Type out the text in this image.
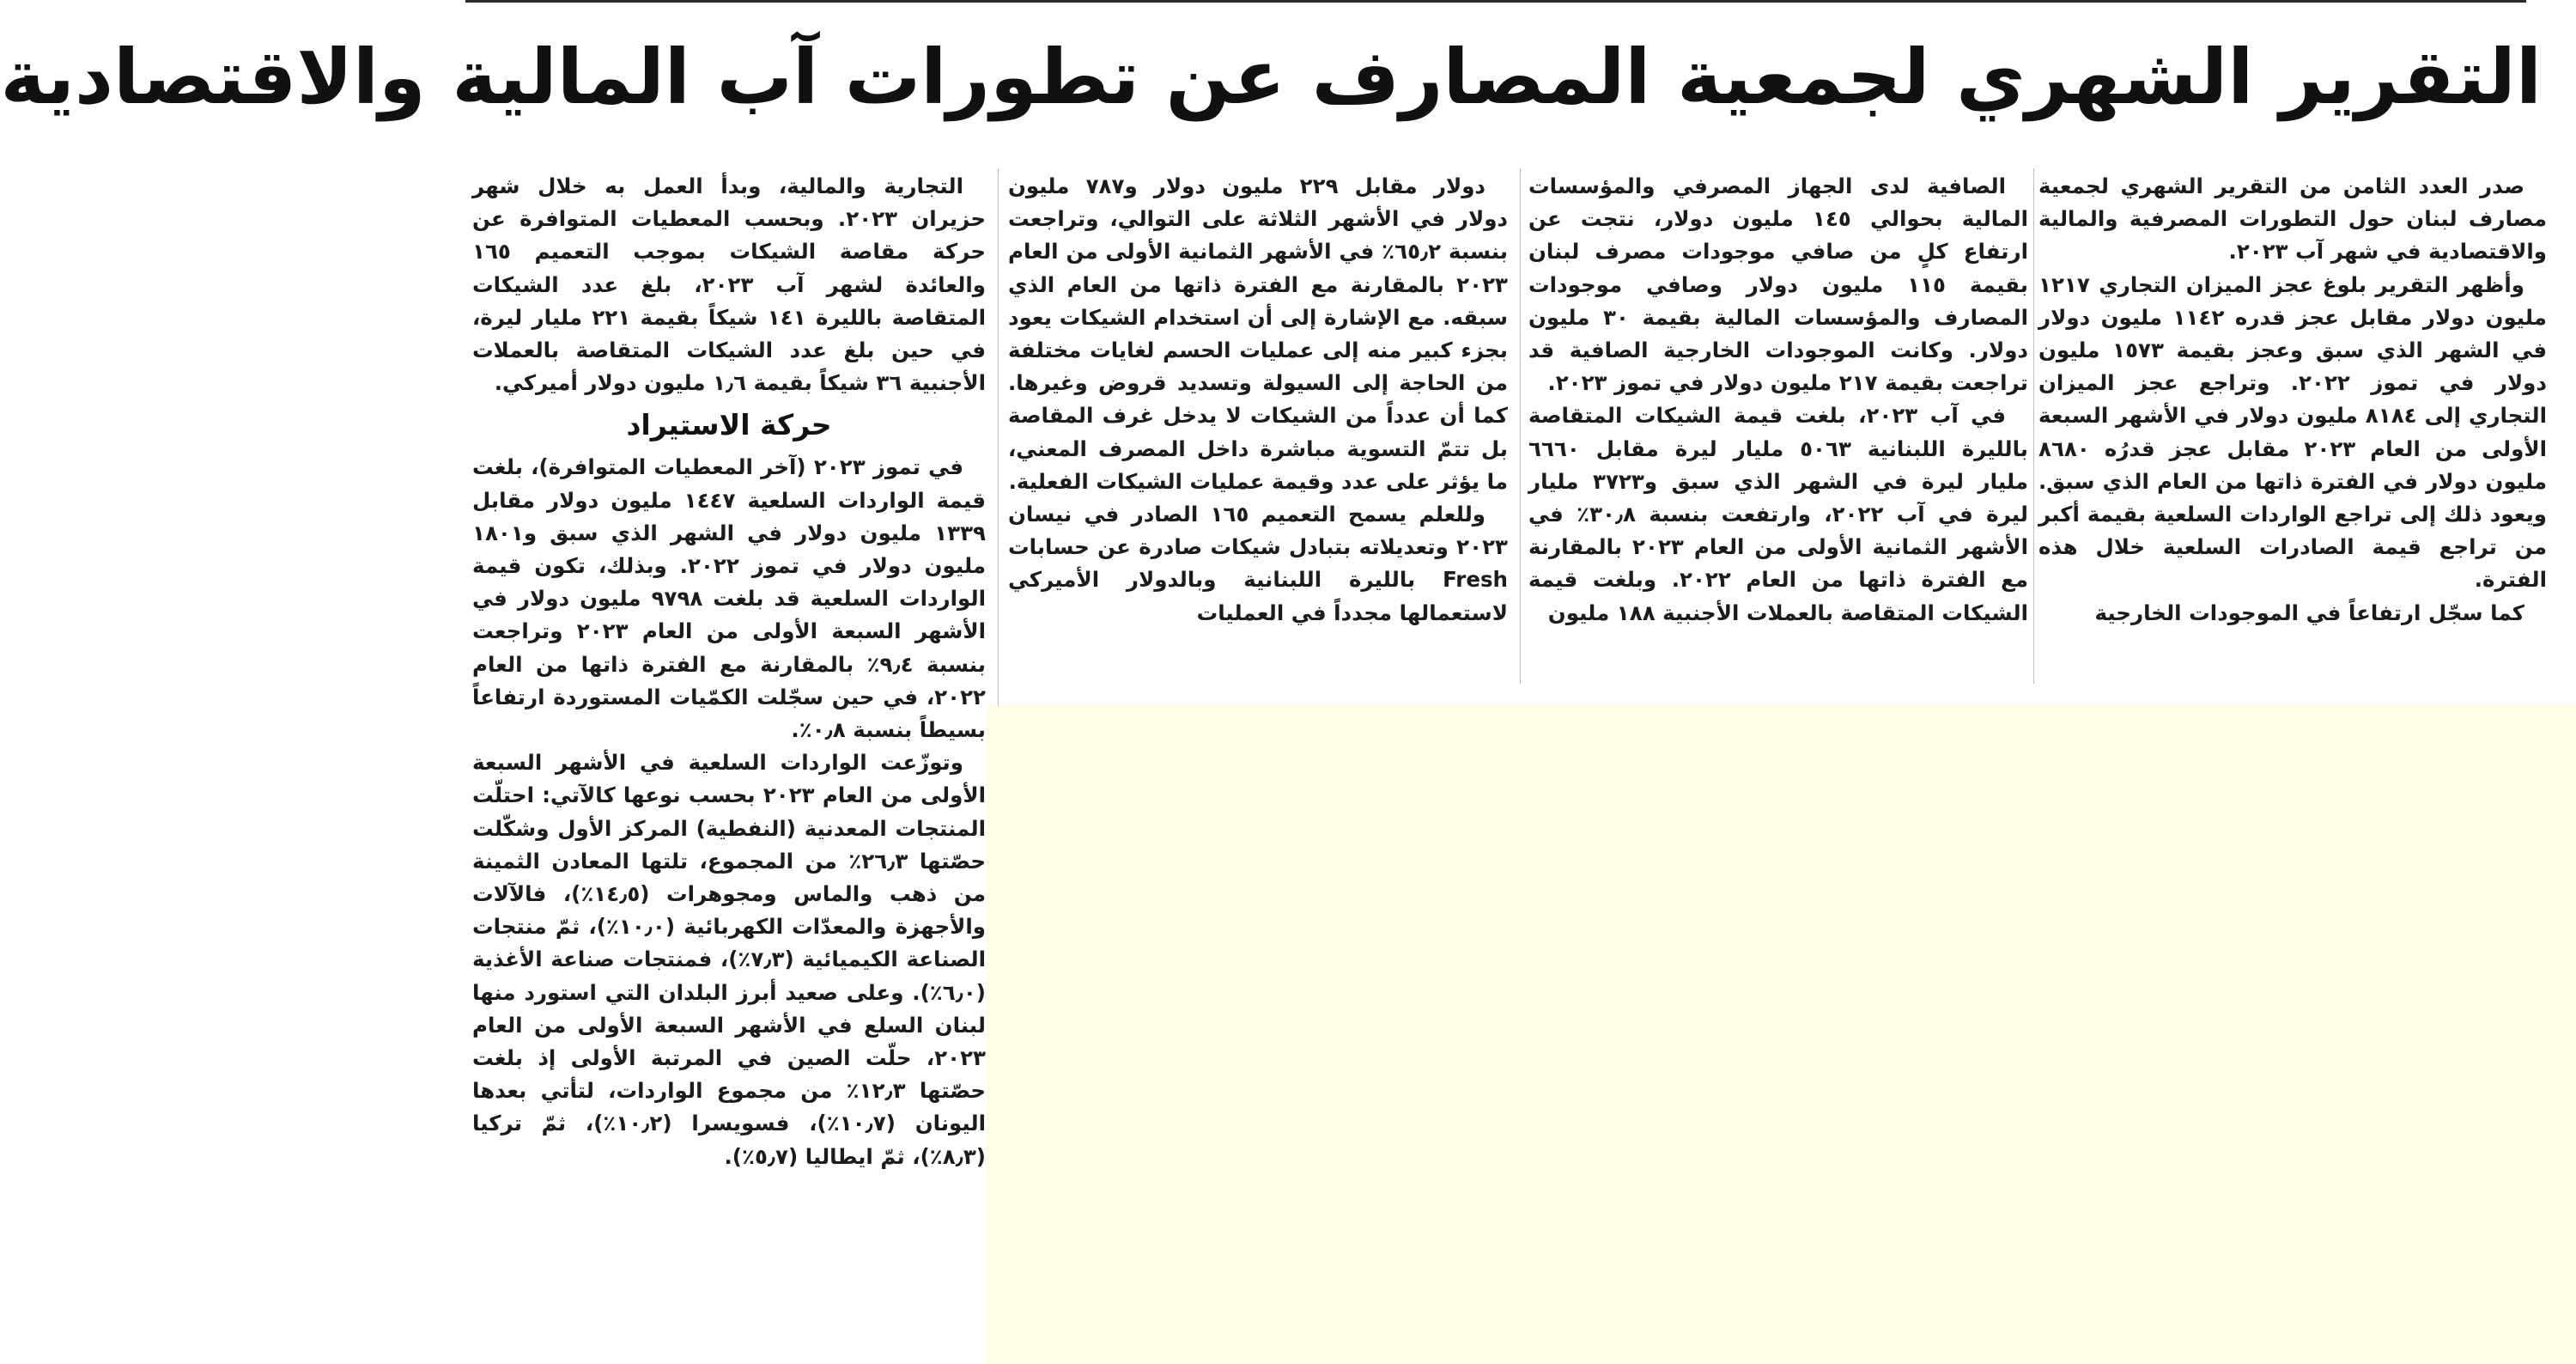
التقرير الشهري لجمعية المصارف عن تطورات آب المالية والاقتصادية

صدر العدد الثامن من التقرير الشهري لجمعية مصارف لبنان حول التطورات المصرفية والمالية والاقتصادية في شهر آب ٢٠٢٣.

وأظهر التقرير بلوغ عجز الميزان التجاري ١٢١٧ مليون دولار مقابل عجز قدره ١١٤٢ مليون دولار في الشهر الذي سبق وعجز بقيمة ١٥٧٣ مليون دولار في تموز ٢٠٢٢. وتراجع عجز الميزان التجاري إلى ٨١٨٤ مليون دولار في الأشهر السبعة الأولى من العام ٢٠٢٣ مقابل عجز قدرُه ٨٦٨٠ مليون دولار في الفترة ذاتها من العام الذي سبق. ويعود ذلك إلى تراجع الواردات السلعية بقيمة أكبر من تراجع قيمة الصادرات السلعية خلال هذه الفترة.

كما سجّل ارتفاعاً في الموجودات الخارجية

الصافية لدى الجهاز المصرفي والمؤسسات المالية بحوالي ١٤٥ مليون دولار، نتجت عن ارتفاع كلٍ من صافي موجودات مصرف لبنان بقيمة ١١٥ مليون دولار وصافي موجودات المصارف والمؤسسات المالية بقيمة ٣٠ مليون دولار. وكانت الموجودات الخارجية الصافية قد تراجعت بقيمة ٢١٧ مليون دولار في تموز ٢٠٢٣.

في آب ٢٠٢٣، بلغت قيمة الشيكات المتقاصة بالليرة اللبنانية ٥٠٦٣ مليار ليرة مقابل ٦٦٦٠ مليار ليرة في الشهر الذي سبق و٣٧٢٣ مليار ليرة في آب ٢٠٢٢، وارتفعت بنسبة ٣٠٫٨٪ في الأشهر الثمانية الأولى من العام ٢٠٢٣ بالمقارنة مع الفترة ذاتها من العام ٢٠٢٢. وبلغت قيمة الشيكات المتقاصة بالعملات الأجنبية ١٨٨ مليون

دولار مقابل ٢٢٩ مليون دولار و٧٨٧ مليون دولار في الأشهر الثلاثة على التوالي، وتراجعت بنسبة ٦٥٫٢٪ في الأشهر الثمانية الأولى من العام ٢٠٢٣ بالمقارنة مع الفترة ذاتها من العام الذي سبقه. مع الإشارة إلى أن استخدام الشيكات يعود بجزء كبير منه إلى عمليات الحسم لغايات مختلفة من الحاجة إلى السيولة وتسديد قروض وغيرها. كما أن عدداً من الشيكات لا يدخل غرف المقاصة بل تتمّ التسوية مباشرة داخل المصرف المعني، ما يؤثر على عدد وقيمة عمليات الشيكات الفعلية.

وللعلم يسمح التعميم ١٦٥ الصادر في نيسان ٢٠٢٣ وتعديلاته بتبادل شيكات صادرة عن حسابات Fresh بالليرة اللبنانية وبالدولار الأميركي لاستعمالها مجدداً في العمليات

التجارية والمالية، وبدأ العمل به خلال شهر حزيران ٢٠٢٣. وبحسب المعطيات المتوافرة عن حركة مقاصة الشيكات بموجب التعميم ١٦٥ والعائدة لشهر آب ٢٠٢٣، بلغ عدد الشيكات المتقاصة بالليرة ١٤١ شيكاً بقيمة ٢٢١ مليار ليرة، في حين بلغ عدد الشيكات المتقاصة بالعملات الأجنبية ٣٦ شيكاً بقيمة ١٫٦ مليون دولار أميركي.

حركة الاستيراد

في تموز ٢٠٢٣ (آخر المعطيات المتوافرة)، بلغت قيمة الواردات السلعية ١٤٤٧ مليون دولار مقابل ١٣٣٩ مليون دولار في الشهر الذي سبق و١٨٠١ مليون دولار في تموز ٢٠٢٢. وبذلك، تكون قيمة الواردات السلعية قد بلغت ٩٧٩٨ مليون دولار في الأشهر السبعة الأولى من العام ٢٠٢٣ وتراجعت بنسبة ٩٫٤٪ بالمقارنة مع الفترة ذاتها من العام ٢٠٢٢، في حين سجّلت الكمّيات المستوردة ارتفاعاً بسيطاً بنسبة ٠٫٨٪.

وتوزّعت الواردات السلعية في الأشهر السبعة الأولى من العام ٢٠٢٣ بحسب نوعها كالآتي: احتلّت المنتجات المعدنية (النفطية) المركز الأول وشكّلت حصّتها ٢٦٫٣٪ من المجموع، تلتها المعادن الثمينة من ذهب والماس ومجوهرات (١٤٫٥٪)، فالآلات والأجهزة والمعدّات الكهربائية (١٠٫٠٪)، ثمّ منتجات الصناعة الكيميائية (٧٫٣٪)، فمنتجات صناعة الأغذية (٦٫٠٪). وعلى صعيد أبرز البلدان التي استورد منها لبنان السلع في الأشهر السبعة الأولى من العام ٢٠٢٣، حلّت الصين في المرتبة الأولى إذ بلغت حصّتها ١٢٫٣٪ من مجموع الواردات، لتأتي بعدها اليونان (١٠٫٧٪)، فسويسرا (١٠٫٢٪)، ثمّ تركيا (٨٫٣٪)، ثمّ ايطاليا (٥٫٧٪).
